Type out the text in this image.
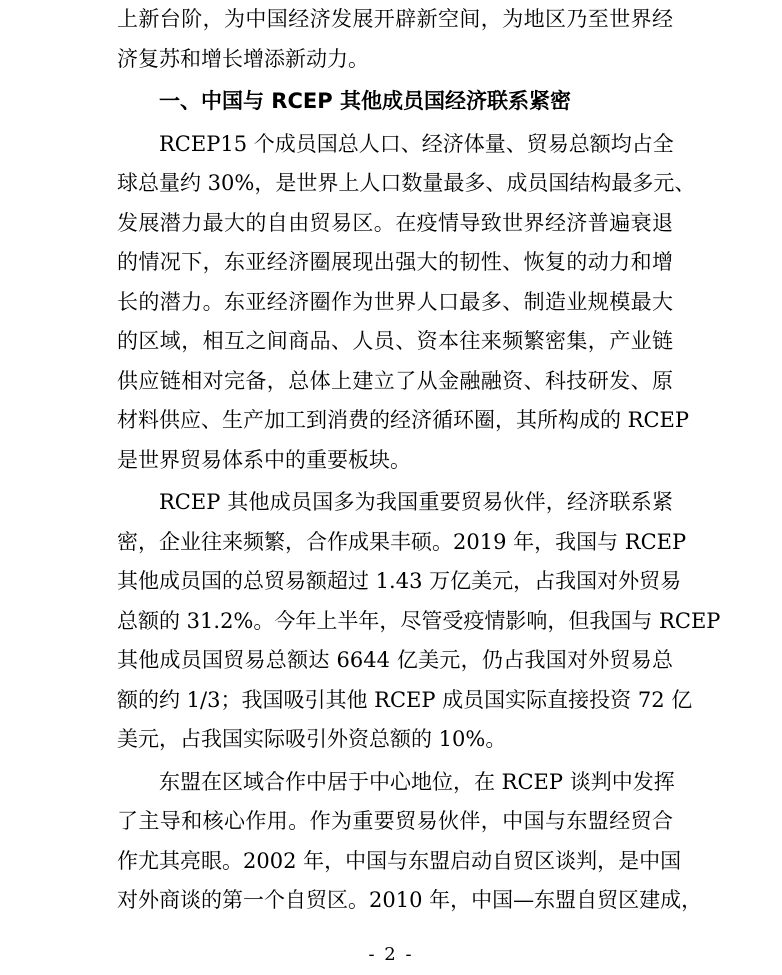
上新台阶，为中国经济发展开辟新空间，为地区乃至世界经
济复苏和增长增添新动力。
一、中国与 RCEP 其他成员国经济联系紧密
RCEP15 个成员国总人口、经济体量、贸易总额均占全
球总量约 30%，是世界上人口数量最多、成员国结构最多元、
发展潜力最大的自由贸易区。在疫情导致世界经济普遍衰退
的情况下，东亚经济圈展现出强大的韧性、恢复的动力和增
长的潜力。东亚经济圈作为世界人口最多、制造业规模最大
的区域，相互之间商品、人员、资本往来频繁密集，产业链
供应链相对完备，总体上建立了从金融融资、科技研发、原
材料供应、生产加工到消费的经济循环圈，其所构成的 RCEP
是世界贸易体系中的重要板块。
RCEP 其他成员国多为我国重要贸易伙伴，经济联系紧
密，企业往来频繁，合作成果丰硕。2019 年，我国与 RCEP
其他成员国的总贸易额超过 1.43 万亿美元，占我国对外贸易
总额的 31.2%。今年上半年，尽管受疫情影响，但我国与 RCEP
其他成员国贸易总额达 6644 亿美元，仍占我国对外贸易总
额的约 1/3；我国吸引其他 RCEP 成员国实际直接投资 72 亿
美元，占我国实际吸引外资总额的 10%。
东盟在区域合作中居于中心地位，在 RCEP 谈判中发挥
了主导和核心作用。作为重要贸易伙伴，中国与东盟经贸合
作尤其亮眼。2002 年，中国与东盟启动自贸区谈判，是中国
对外商谈的第一个自贸区。2010 年，中国—东盟自贸区建成，
- 2 -
